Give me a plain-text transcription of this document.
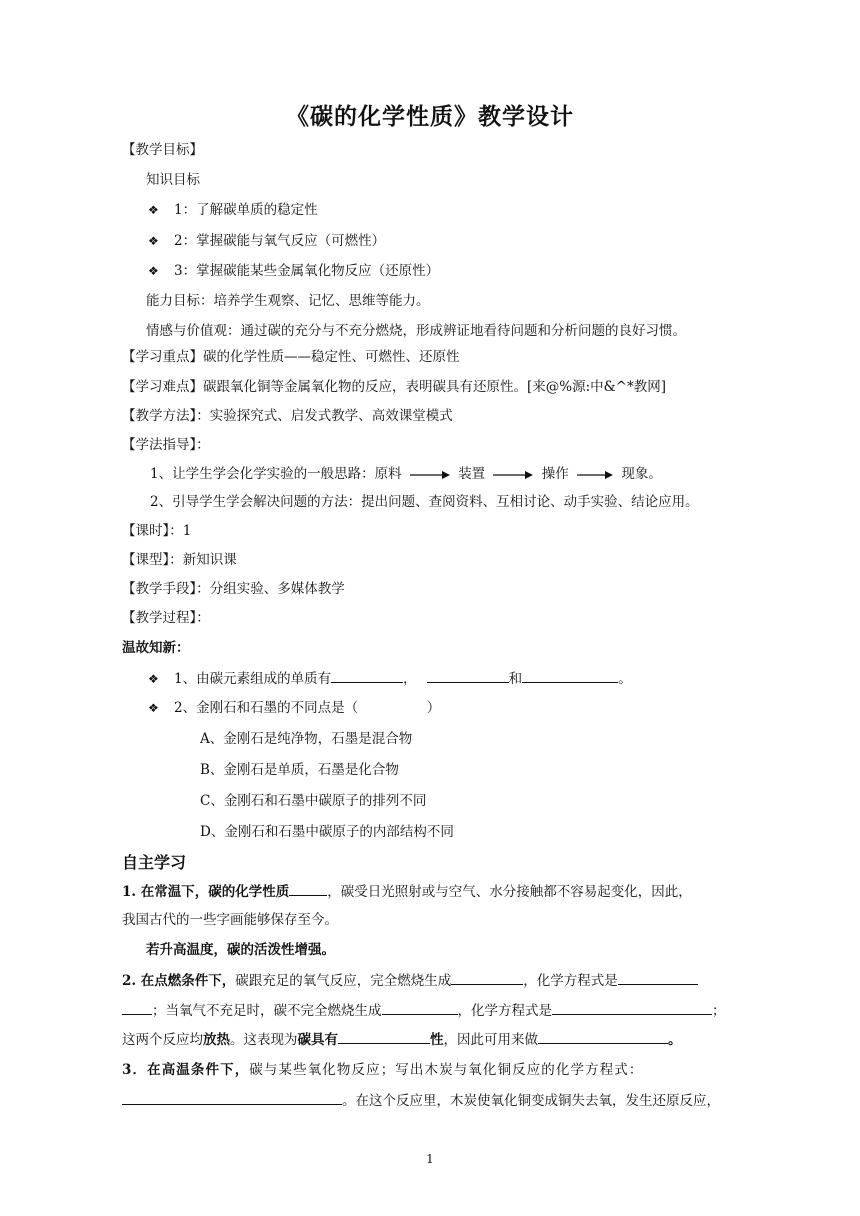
《碳的化学性质》教学设计
【教学目标】
知识目标
❖ 1：了解碳单质的稳定性
❖ 2：掌握碳能与氧气反应（可燃性）
❖ 3：掌握碳能某些金属氧化物反应（还原性）
能力目标：培养学生观察、记忆、思维等能力。
情感与价值观：通过碳的充分与不充分燃烧，形成辨证地看待问题和分析问题的良好习惯。
【学习重点】碳的化学性质——稳定性、可燃性、还原性
【学习难点】碳跟氧化铜等金属氧化物的反应，表明碳具有还原性。[来@%源:中&^*教网]
【教学方法】：实验探究式、启发式教学、高效课堂模式
【学法指导】：
1、让学生学会化学实验的一般思路：原料	装置	操作	现象。
2、引导学生学会解决问题的方法：提出问题、查阅资料、互相讨论、动手实验、结论应用。
【课时】：1
【课型】：新知识课
【教学手段】：分组实验、多媒体教学
【教学过程】：
温故知新：
❖ 1、由碳元素组成的单质有	，	和	。
❖ 2、金刚石和石墨的不同点是（                ）
A、金刚石是纯净物，石墨是混合物
B、金刚石是单质，石墨是化合物
C、金刚石和石墨中碳原子的排列不同
D、金刚石和石墨中碳原子的内部结构不同
自主学习
1. 在常温下，碳的化学性质	，碳受日光照射或与空气、水分接触都不容易起变化，因此，
我国古代的一些字画能够保存至今。
若升高温度，碳的活泼性增强。
2. 在点燃条件下，碳跟充足的氧气反应，完全燃烧生成	，化学方程式是
；当氧气不充足时，碳不完全燃烧生成	，化学方程式是	；
这两个反应均放热。这表现为碳具有	性，因此可用来做	。
3．在高温条件下，碳与某些氧化物反应；写出木炭与氧化铜反应的化学方程式：
。在这个反应里，木炭使氧化铜变成铜失去氧，发生还原反应，
1
